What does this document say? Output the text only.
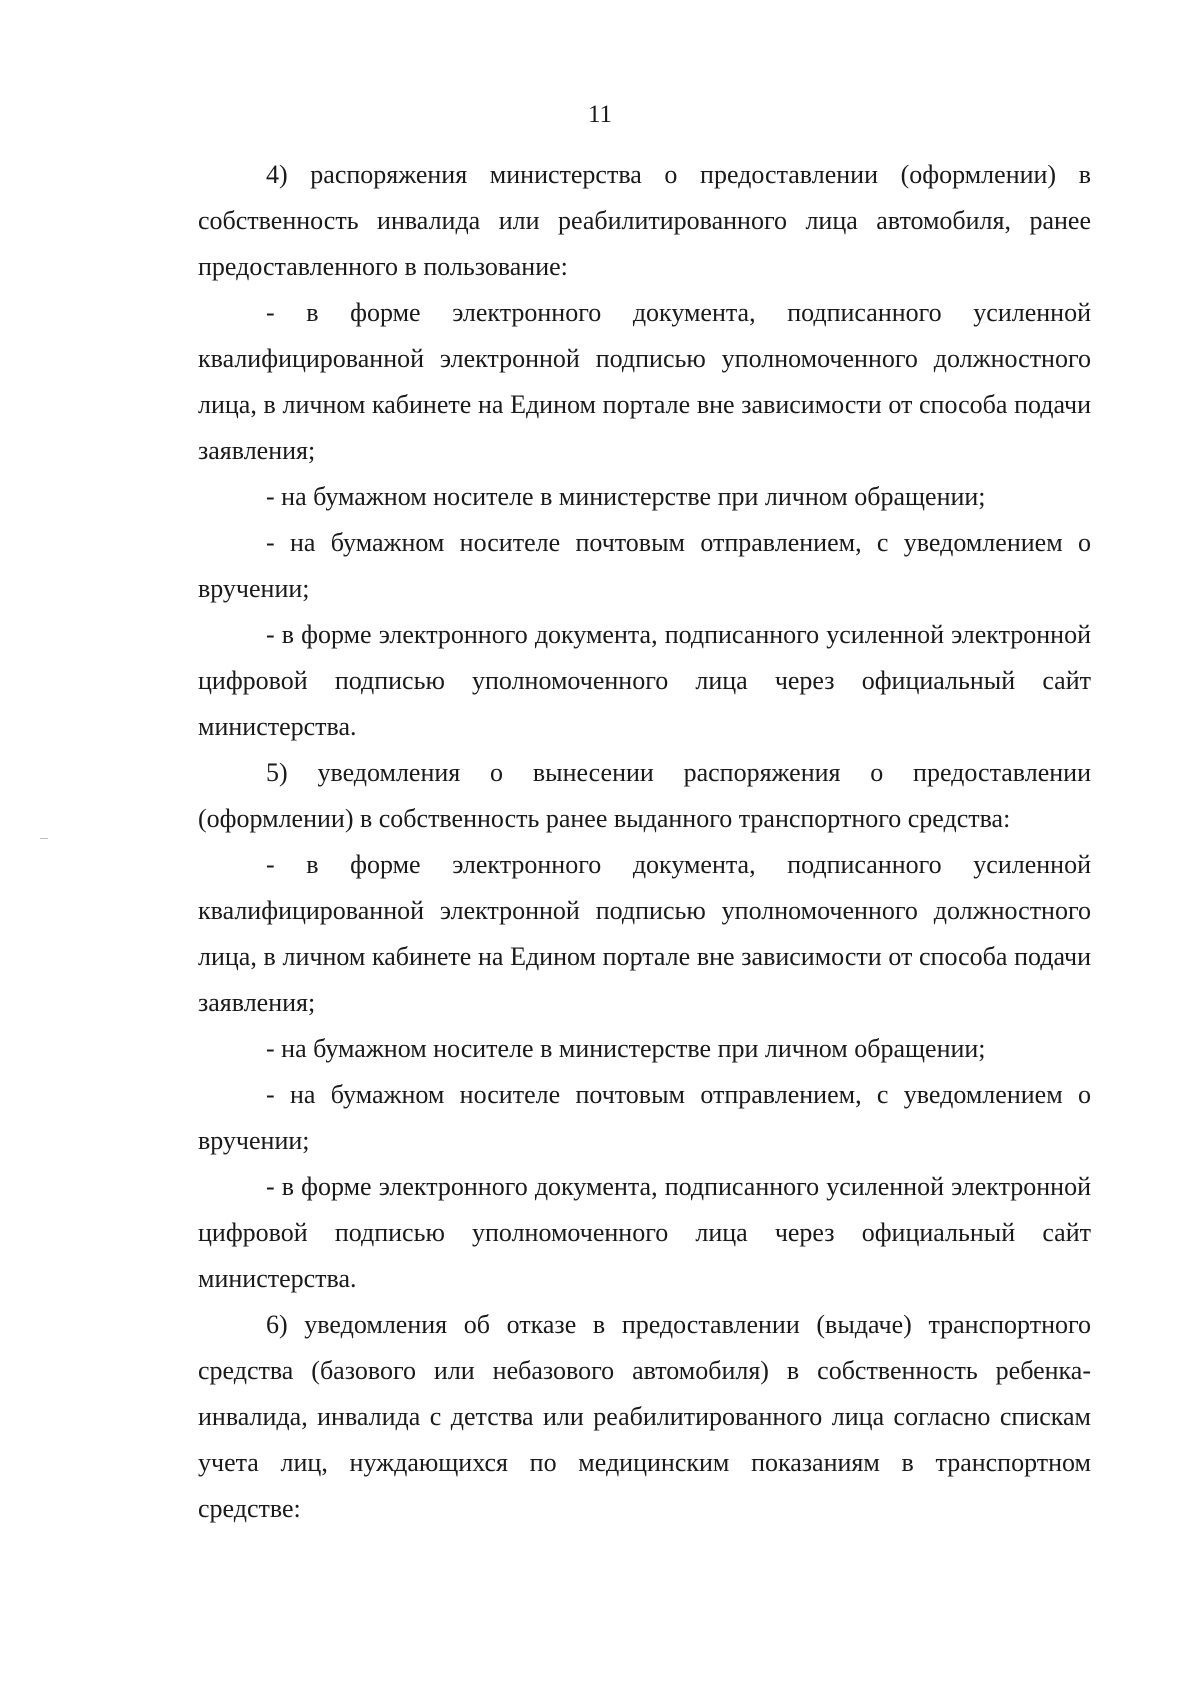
11

4) распоряжения министерства о предоставлении (оформлении) в собственность инвалида или реабилитированного лица автомобиля, ранее предоставленного в пользование:

- в форме электронного документа, подписанного усиленной квалифицированной электронной подписью уполномоченного должностного лица, в личном кабинете на Едином портале вне зависимости от способа подачи заявления;

- на бумажном носителе в министерстве при личном обращении;

- на бумажном носителе почтовым отправлением, с уведомлением о вручении;

- в форме электронного документа, подписанного усиленной электронной цифровой подписью уполномоченного лица через официальный сайт министерства.

5) уведомления о вынесении распоряжения о предоставлении (оформлении) в собственность ранее выданного транспортного средства:

- в форме электронного документа, подписанного усиленной квалифицированной электронной подписью уполномоченного должностного лица, в личном кабинете на Едином портале вне зависимости от способа подачи заявления;

- на бумажном носителе в министерстве при личном обращении;

- на бумажном носителе почтовым отправлением, с уведомлением о вручении;

- в форме электронного документа, подписанного усиленной электронной цифровой подписью уполномоченного лица через официальный сайт министерства.

6) уведомления об отказе в предоставлении (выдаче) транспортного средства (базового или небазового автомобиля) в собственность ребенка-инвалида, инвалида с детства или реабилитированного лица согласно спискам учета лиц, нуждающихся по медицинским показаниям в транспортном средстве:
